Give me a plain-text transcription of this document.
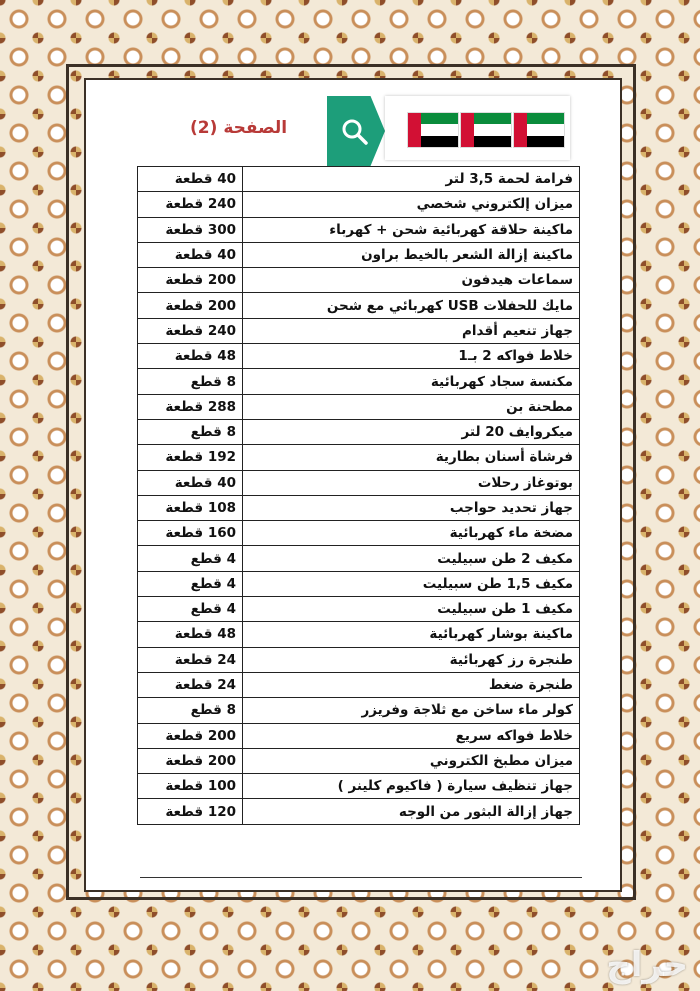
الصفحة (2)
فرامة لحمة 3,5 لتر	40 قطعة
ميزان إلكتروني شخصي	240 قطعة
ماكينة حلاقة كهربائية شحن + كهرباء	300 قطعة
ماكينة إزالة الشعر بالخيط براون	40 قطعة
سماعات هيدفون	200 قطعة
مايك للحفلات USB كهربائي مع شحن	200 قطعة
جهاز تنعيم أقدام	240 قطعة
خلاط فواكه 2 بـ1	48 قطعة
مكنسة سجاد كهربائية	8 قطع
مطحنة بن	288 قطعة
ميكروايف 20 لتر	8 قطع
فرشاة أسنان بطارية	192 قطعة
بوتوغاز رحلات	40 قطعة
جهاز تحديد حواجب	108 قطعة
مضخة ماء كهربائية	160 قطعة
مكيف 2 طن سبيليت	4 قطع
مكيف 1,5 طن سبيليت	4 قطع
مكيف 1 طن سبيليت	4 قطع
ماكينة بوشار كهربائية	48 قطعة
طنجرة رز كهربائية	24 قطعة
طنجرة ضغط	24 قطعة
كولر ماء ساخن مع ثلاجة وفريزر	8 قطع
خلاط فواكه سريع	200 قطعة
ميزان مطبخ الكتروني	200 قطعة
جهاز تنظيف سيارة ( فاكيوم كلينر )	100 قطعة
جهاز إزالة البثور من الوجه	120 قطعة
حراج
